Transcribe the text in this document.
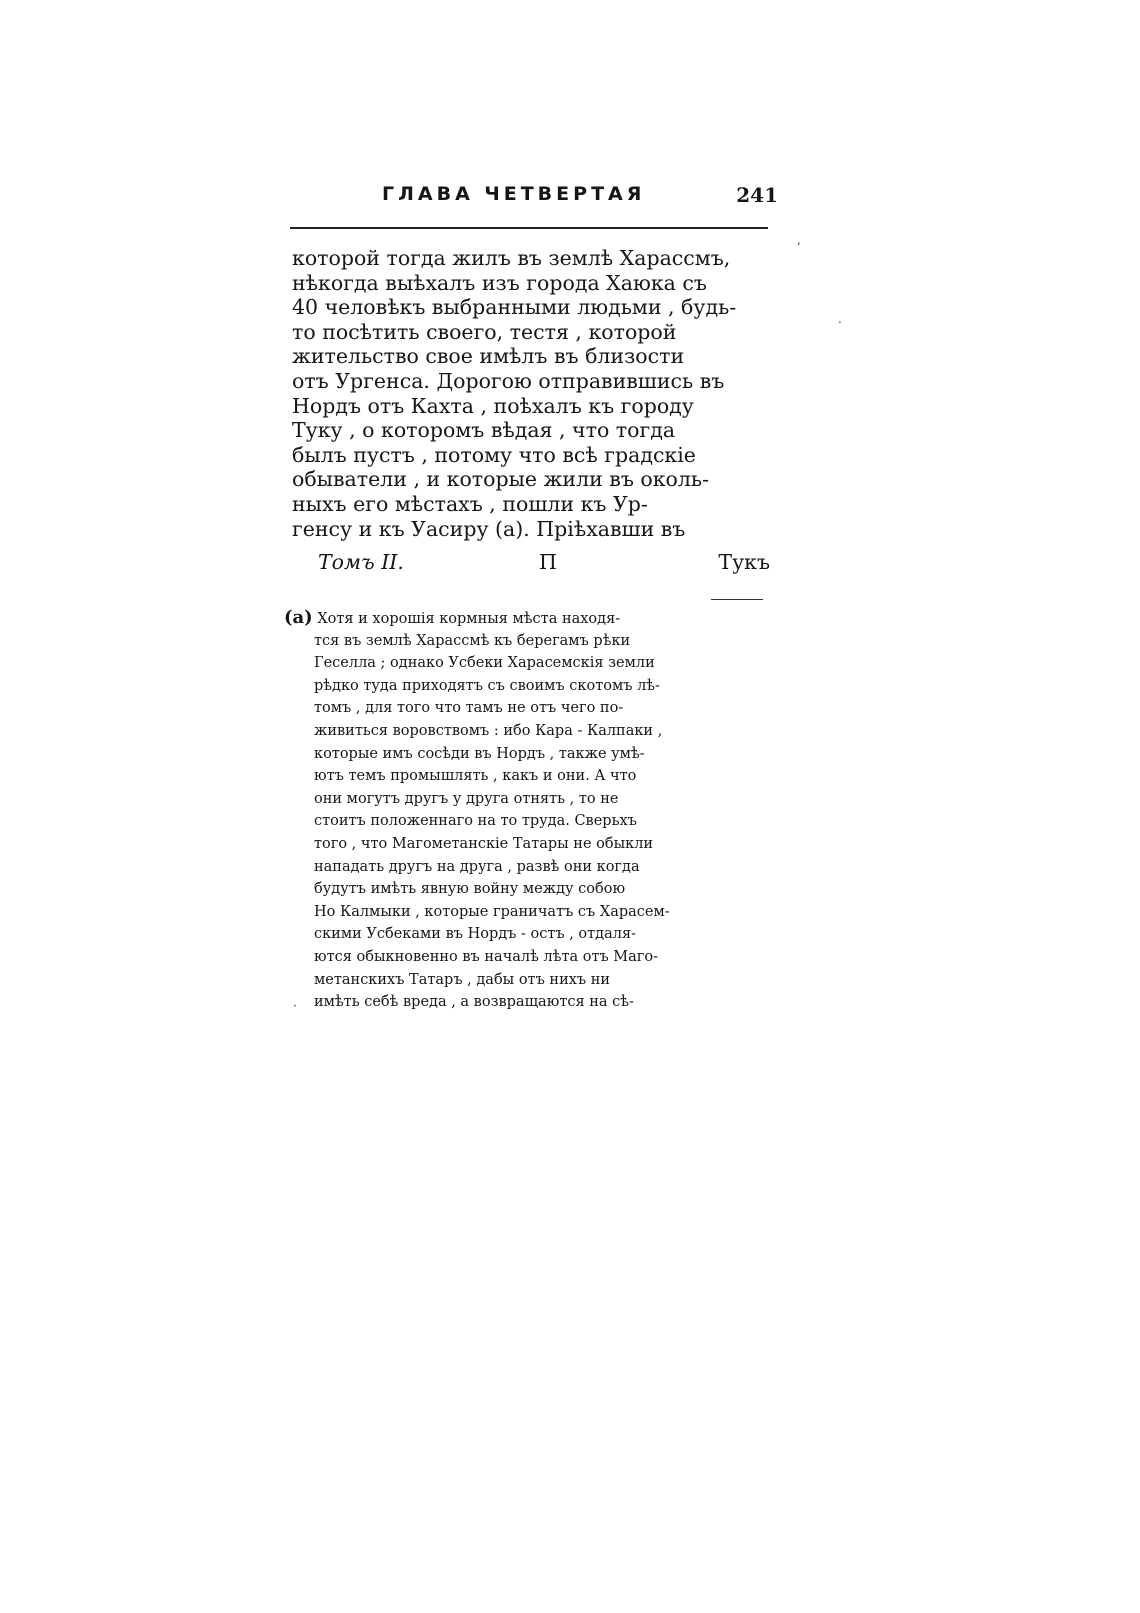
ГЛАВА ЧЕТВЕРТАЯ	241
которой тогда жилъ въ землѣ Харассмъ,
нѣкогда выѣхалъ изъ города Хаюка съ
40 человѣкъ выбранными людьми , будь-
то посѣтить своего, тестя , которой
жительство свое имѣлъ въ близости
отъ Ургенса. Дорогою отправившись въ
Нордъ отъ Кахта , поѣхалъ къ городу
Туку , о которомъ вѣдая , что тогда
былъ пустъ , потому что всѣ градскіе
обыватели , и которые жили въ околь-
ныхъ его мѣстахъ , пошли къ Ур-
генсу и къ Уасиру (a). Пріѣхавши въ
Томъ II.	П	Тукъ
(a) Хотя и хорошія кормныя мѣста находя-
тся въ землѣ Харассмѣ къ берегамъ рѣки
Геселла ; однако Усбеки Харасемскія земли
рѣдко туда приходятъ съ своимъ скотомъ лѣ-
томъ , для того что тамъ не отъ чего по-
живиться воровствомъ : ибо Кара - Калпаки ,
которые имъ сосѣди въ Нордъ , также умѣ-
ютъ темъ промышлять , какъ и они. А что
они могутъ другъ у друга отнять , то не
стоитъ положеннаго на то труда. Сверьхъ
того , что Магометанскіе Татары не обыкли
нападать другъ на друга , развѣ они когда
будутъ имѣть явную войну между собою
Но Калмыки , которые граничатъ съ Харасем-
скими Усбеками въ Нордъ - остъ , отдаля-
ются обыкновенно въ началѣ лѣта отъ Маго-
метанскихъ Татаръ , дабы отъ нихъ ни
имѣть себѣ вреда , а возвращаются на сѣ-
,
.
·
